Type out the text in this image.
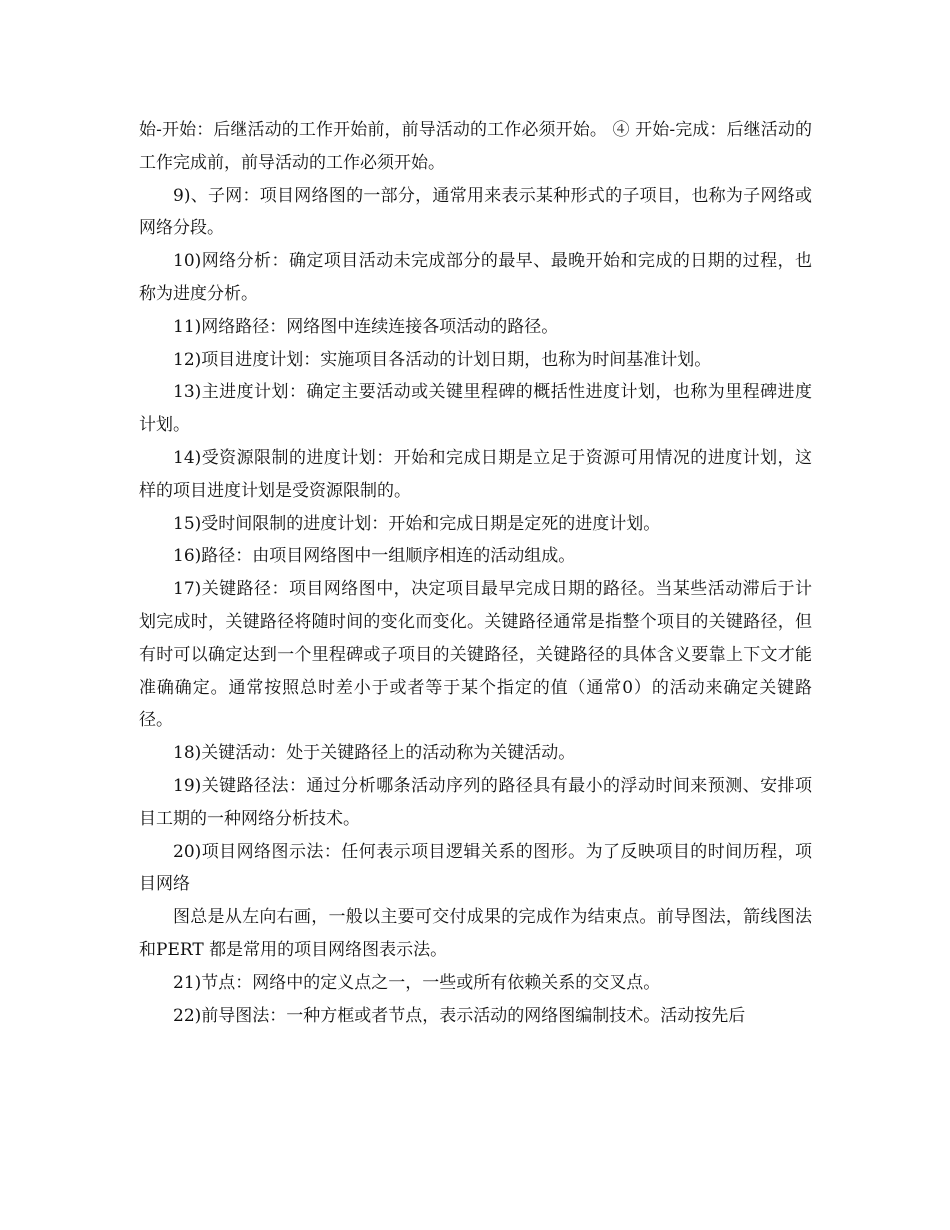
始-开始：后继活动的工作开始前，前导活动的工作必须开始。 ④ 开始-完成：后继活动的工作完成前，前导活动的工作必须开始。

9)、子网：项目网络图的一部分，通常用来表示某种形式的子项目，也称为子网络或网络分段。

10)网络分析：确定项目活动未完成部分的最早、最晚开始和完成的日期的过程，也称为进度分析。

11)网络路径：网络图中连续连接各项活动的路径。

12)项目进度计划：实施项目各活动的计划日期，也称为时间基准计划。

13)主进度计划：确定主要活动或关键里程碑的概括性进度计划，也称为里程碑进度计划。

14)受资源限制的进度计划：开始和完成日期是立足于资源可用情况的进度计划，这样的项目进度计划是受资源限制的。

15)受时间限制的进度计划：开始和完成日期是定死的进度计划。

16)路径：由项目网络图中一组顺序相连的活动组成。

17)关键路径：项目网络图中，决定项目最早完成日期的路径。当某些活动滞后于计划完成时，关键路径将随时间的变化而变化。关键路径通常是指整个项目的关键路径，但有时可以确定达到一个里程碑或子项目的关键路径，关键路径的具体含义要靠上下文才能准确确定。通常按照总时差小于或者等于某个指定的值（通常0）的活动来确定关键路径。

18)关键活动：处于关键路径上的活动称为关键活动。

19)关键路径法：通过分析哪条活动序列的路径具有最小的浮动时间来预测、安排项目工期的一种网络分析技术。

20)项目网络图示法：任何表示项目逻辑关系的图形。为了反映项目的时间历程，项目网络

图总是从左向右画，一般以主要可交付成果的完成作为结束点。前导图法，箭线图法和PERT 都是常用的项目网络图表示法。

21)节点：网络中的定义点之一，一些或所有依赖关系的交叉点。

22)前导图法：一种方框或者节点，表示活动的网络图编制技术。活动按先后
